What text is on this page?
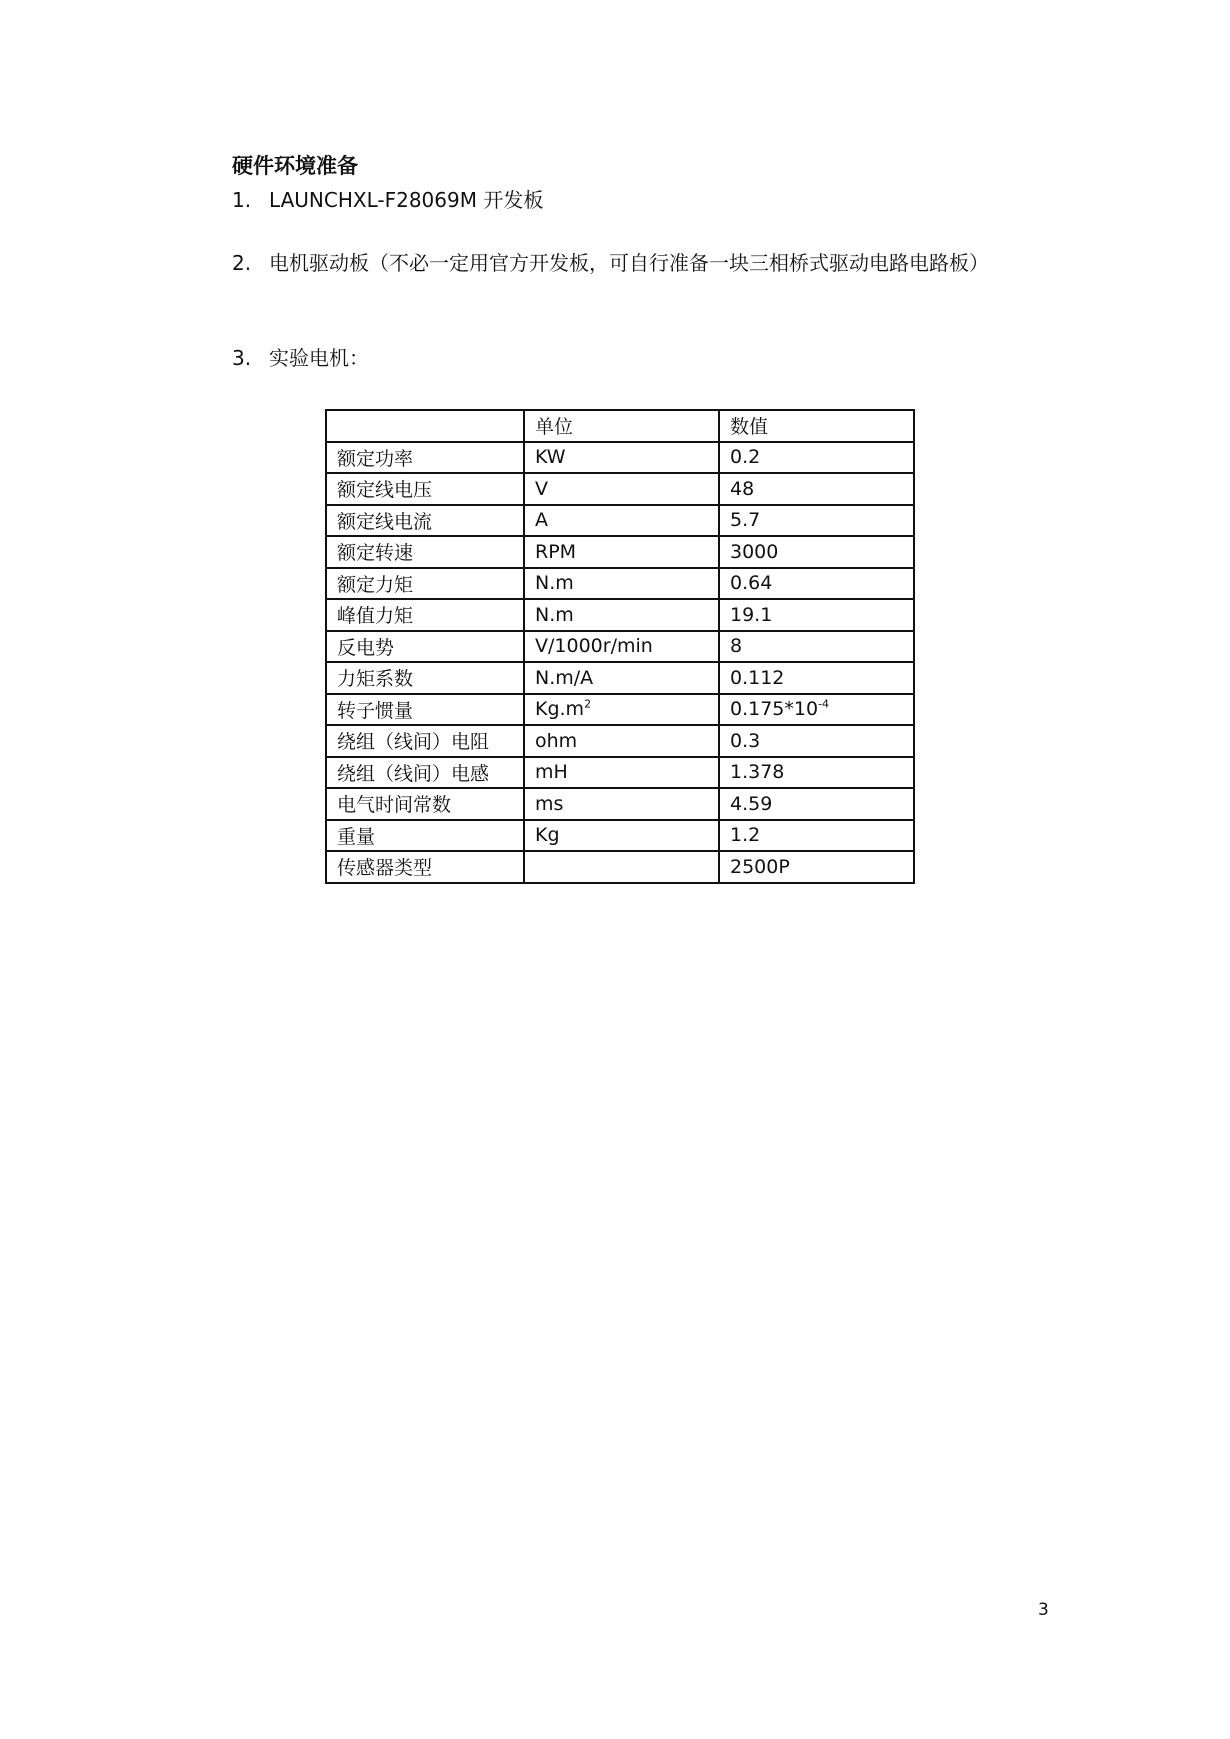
硬件环境准备
1. LAUNCHXL-F28069M 开发板
2. 电机驱动板（不必一定用官方开发板，可自行准备一块三相桥式驱动电路电路板）
3. 实验电机：
	单位	数值
额定功率	KW	0.2
额定线电压	V	48
额定线电流	A	5.7
额定转速	RPM	3000
额定力矩	N.m	0.64
峰值力矩	N.m	19.1
反电势	V/1000r/min	8
力矩系数	N.m/A	0.112
转子惯量	$Kg.m^2$	$0.175*10^{-4}$
绕组（线间）电阻	ohm	0.3
绕组（线间）电感	mH	1.378
电气时间常数	ms	4.59
重量	Kg	1.2
传感器类型		2500P
3
